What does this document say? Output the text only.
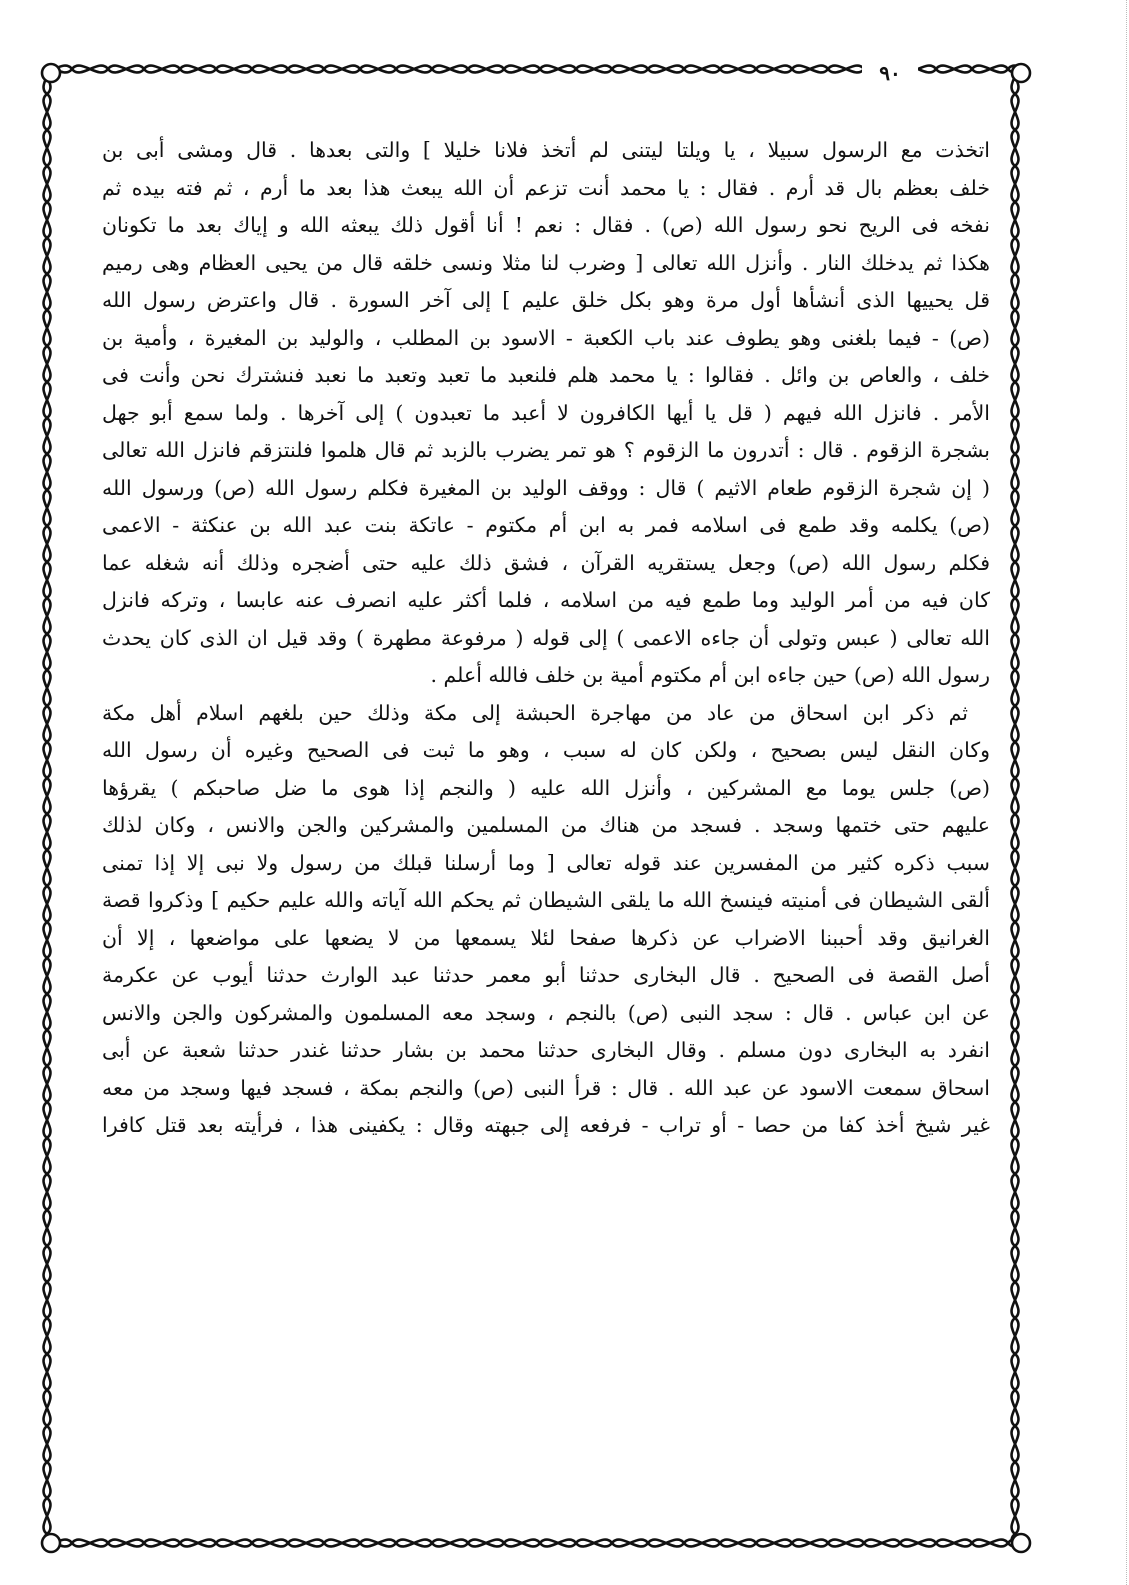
٩٠
اتخذت مع الرسول سبيلا ، يا ويلتا ليتنى لم أتخذ فلانا خليلا ] والتى بعدها . قال ومشى أبى بن
خلف بعظم بال قد أرم . فقال : يا محمد أنت تزعم أن الله يبعث هذا بعد ما أرم ، ثم فته بيده ثم
نفخه فى الريح نحو رسول الله (ص) . فقال : نعم ! أنا أقول ذلك يبعثه الله و إياك بعد ما تكونان
هكذا ثم يدخلك النار . وأنزل الله تعالى [ وضرب لنا مثلا ونسى خلقه قال من يحيى العظام وهى رميم
قل يحييها الذى أنشأها أول مرة وهو بكل خلق عليم ] إلى آخر السورة . قال واعترض رسول الله
(ص) - فيما بلغنى وهو يطوف عند باب الكعبة - الاسود بن المطلب ، والوليد بن المغيرة ، وأمية بن
خلف ، والعاص بن وائل . فقالوا : يا محمد هلم فلنعبد ما تعبد وتعبد ما نعبد فنشترك نحن وأنت فى
الأمر . فانزل الله فيهم ( قل يا أيها الكافرون لا أعبد ما تعبدون ) إلى آخرها . ولما سمع أبو جهل
بشجرة الزقوم . قال : أتدرون ما الزقوم ؟ هو تمر يضرب بالزبد ثم قال هلموا فلنتزقم فانزل الله تعالى
( إن شجرة الزقوم طعام الاثيم ) قال : ووقف الوليد بن المغيرة فكلم رسول الله (ص) ورسول الله
(ص) يكلمه وقد طمع فى اسلامه فمر به ابن أم مكتوم - عاتكة بنت عبد الله بن عنكثة - الاعمى
فكلم رسول الله (ص) وجعل يستقريه القرآن ، فشق ذلك عليه حتى أضجره وذلك أنه شغله عما
كان فيه من أمر الوليد وما طمع فيه من اسلامه ، فلما أكثر عليه انصرف عنه عابسا ، وتركه فانزل
الله تعالى ( عبس وتولى أن جاءه الاعمى ) إلى قوله ( مرفوعة مطهرة ) وقد قيل ان الذى كان يحدث
رسول الله (ص) حين جاءه ابن أم مكتوم أمية بن خلف فالله أعلم .
ثم ذكر ابن اسحاق من عاد من مهاجرة الحبشة إلى مكة وذلك حين بلغهم اسلام أهل مكة
وكان النقل ليس بصحيح ، ولكن كان له سبب ، وهو ما ثبت فى الصحيح وغيره أن رسول الله
(ص) جلس يوما مع المشركين ، وأنزل الله عليه ( والنجم إذا هوى ما ضل صاحبكم ) يقرؤها
عليهم حتى ختمها وسجد . فسجد من هناك من المسلمين والمشركين والجن والانس ، وكان لذلك
سبب ذكره كثير من المفسرين عند قوله تعالى [ وما أرسلنا قبلك من رسول ولا نبى إلا إذا تمنى
ألقى الشيطان فى أمنيته فينسخ الله ما يلقى الشيطان ثم يحكم الله آياته والله عليم حكيم ] وذكروا قصة
الغرانيق وقد أحببنا الاضراب عن ذكرها صفحا لئلا يسمعها من لا يضعها على مواضعها ، إلا أن
أصل القصة فى الصحيح . قال البخارى حدثنا أبو معمر حدثنا عبد الوارث حدثنا أيوب عن عكرمة
عن ابن عباس . قال : سجد النبى (ص) بالنجم ، وسجد معه المسلمون والمشركون والجن والانس
انفرد به البخارى دون مسلم . وقال البخارى حدثنا محمد بن بشار حدثنا غندر حدثنا شعبة عن أبى
اسحاق سمعت الاسود عن عبد الله . قال : قرأ النبى (ص) والنجم بمكة ، فسجد فيها وسجد من معه
غير شيخ أخذ كفا من حصا - أو تراب - فرفعه إلى جبهته وقال : يكفينى هذا ، فرأيته بعد قتل كافرا
